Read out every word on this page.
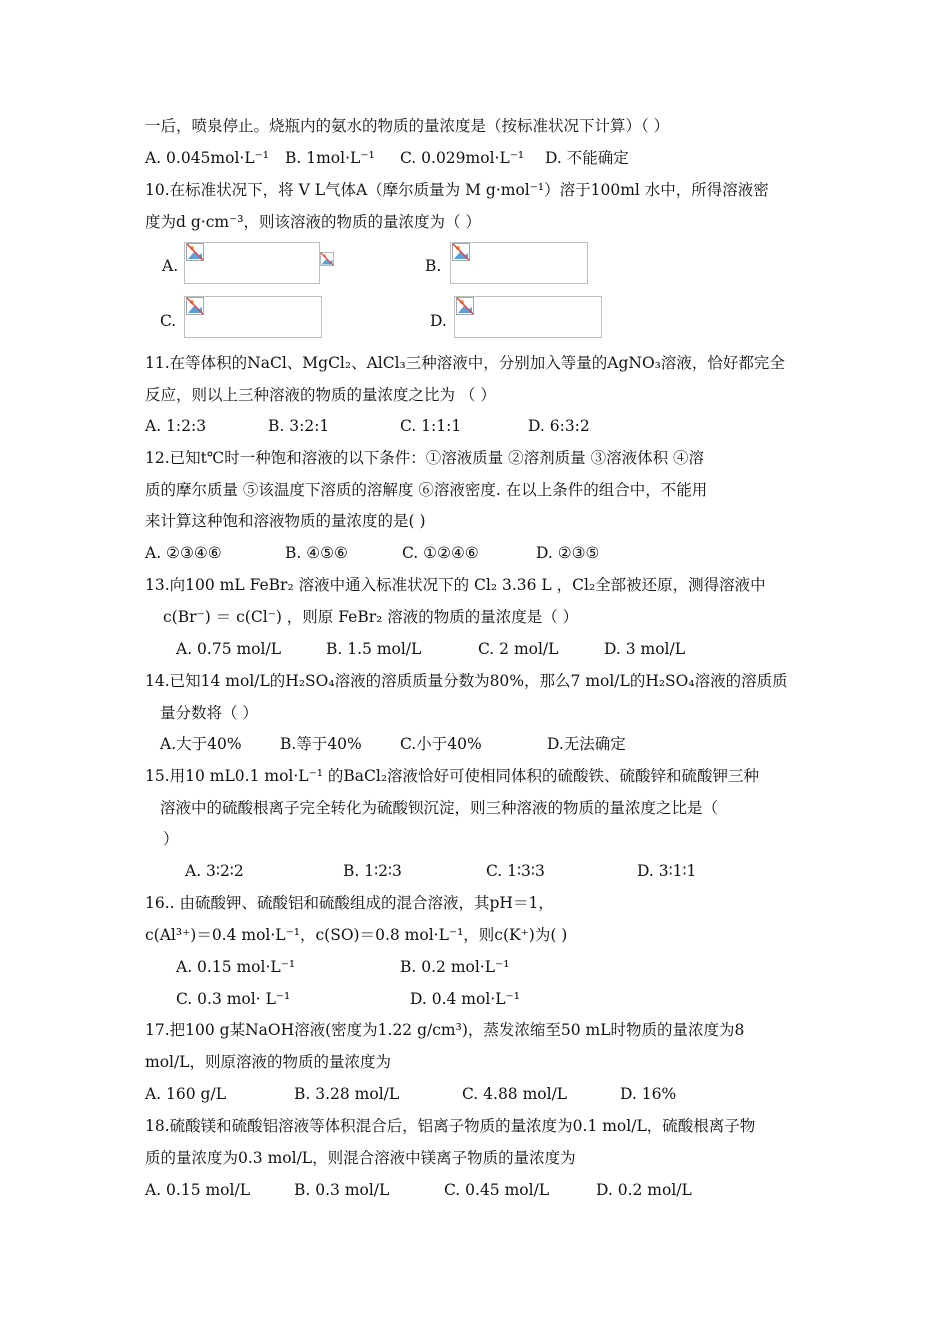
一后，喷泉停止。烧瓶内的氨水的物质的量浓度是（按标准状况下计算）（ ）
A. 0.045mol·L⁻¹ B. 1mol·L⁻¹ C. 0.029mol·L⁻¹ D. 不能确定
10.在标准状况下，将 V L气体A（摩尔质量为 M g·mol⁻¹）溶于100ml 水中，所得溶液密
度为d g·cm⁻³，则该溶液的物质的量浓度为（ ）
A.	B.
C.	D.
11.在等体积的NaCl、MgCl₂、AlCl₃三种溶液中，分别加入等量的AgNO₃溶液，恰好都完全
反应，则以上三种溶液的物质的量浓度之比为 （ ）
A. 1:2:3	B. 3:2:1	C. 1:1:1	D. 6:3:2
12.已知t℃时一种饱和溶液的以下条件：①溶液质量 ②溶剂质量 ③溶液体积 ④溶
质的摩尔质量 ⑤该温度下溶质的溶解度 ⑥溶液密度. 在以上条件的组合中，不能用
来计算这种饱和溶液物质的量浓度的是( )
A. ②③④⑥	B. ④⑤⑥	C. ①②④⑥	D. ②③⑤
13.向100 mL FeBr₂ 溶液中通入标准状况下的 Cl₂ 3.36 L ，Cl₂全部被还原，测得溶液中
c(Br⁻) ＝ c(Cl⁻) ，则原 FeBr₂ 溶液的物质的量浓度是（ ）
A. 0.75 mol/L	B. 1.5 mol/L	C. 2 mol/L	D. 3 mol/L
14.已知14 mol/L的H₂SO₄溶液的溶质质量分数为80%，那么7 mol/L的H₂SO₄溶液的溶质质
量分数将（ ）
A.大于40% B.等于40% C.小于40%	D.无法确定
15.用10 mL0.1 mol·L⁻¹ 的BaCl₂溶液恰好可使相同体积的硫酸铁、硫酸锌和硫酸钾三种
溶液中的硫酸根离子完全转化为硫酸钡沉淀，则三种溶液的物质的量浓度之比是（
）
A. 3∶2∶2	B. 1∶2∶3	C. 1∶3∶3	D. 3∶1∶1
16.. 由硫酸钾、硫酸铝和硫酸组成的混合溶液，其pH＝1，
c(Al³⁺)＝0.4 mol·L⁻¹，c(SO)＝0.8 mol·L⁻¹，则c(K⁺)为( )
A. 0.15 mol·L⁻¹	B. 0.2 mol·L⁻¹
C. 0.3 mol· L⁻¹	D. 0.4 mol·L⁻¹
17.把100 g某NaOH溶液(密度为1.22 g/cm³)，蒸发浓缩至50 mL时物质的量浓度为8
mol/L，则原溶液的物质的量浓度为
A. 160 g/L	B. 3.28 mol/L	C. 4.88 mol/L	D. 16%
18.硫酸镁和硫酸铝溶液等体积混合后，铝离子物质的量浓度为0.1 mol/L，硫酸根离子物
质的量浓度为0.3 mol/L，则混合溶液中镁离子物质的量浓度为
A. 0.15 mol/L	B. 0.3 mol/L	C. 0.45 mol/L	D. 0.2 mol/L
